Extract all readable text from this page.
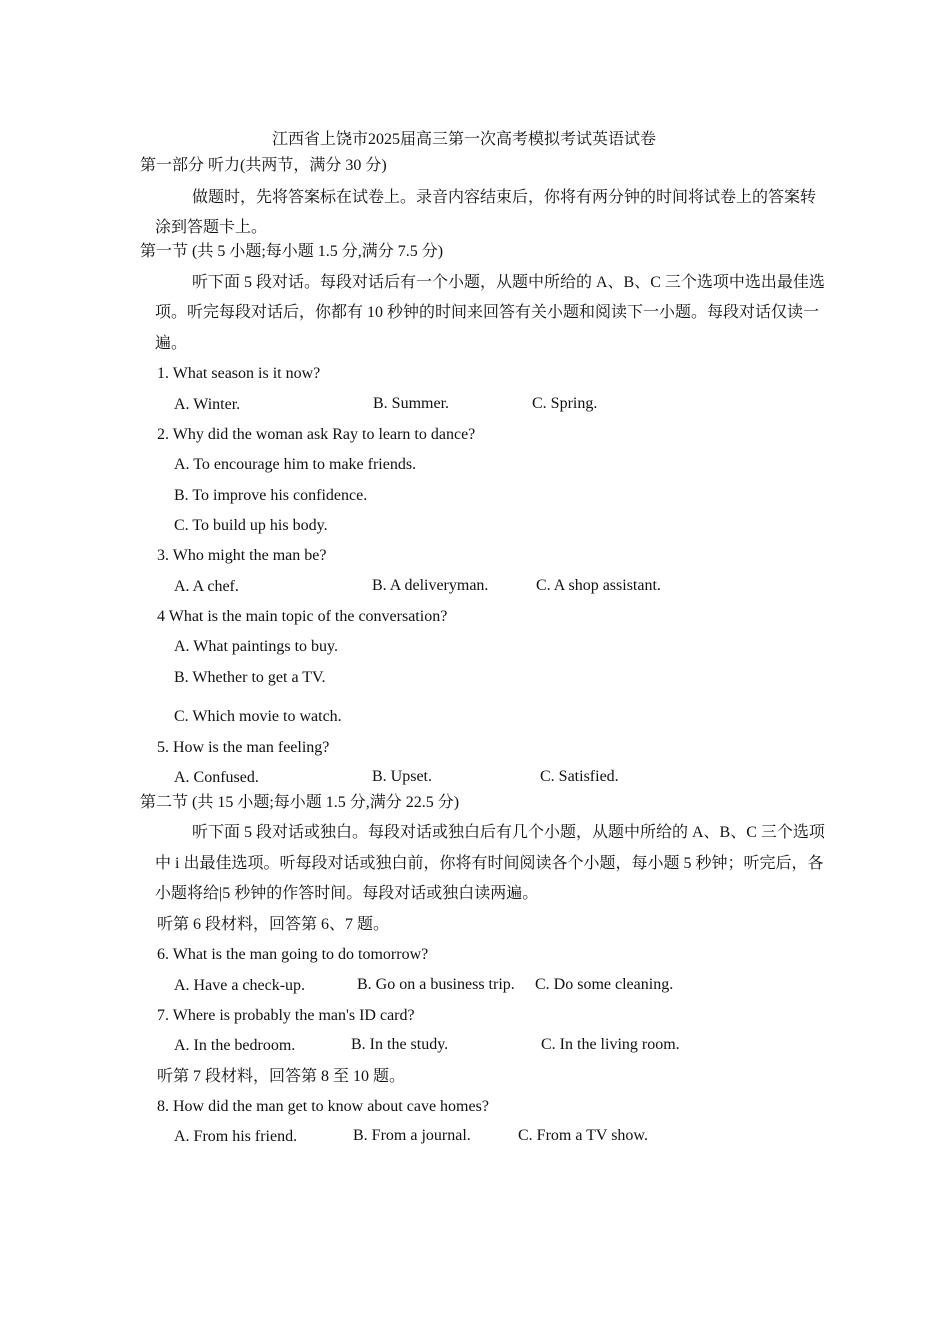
江西省上饶市2025届高三第一次高考模拟考试英语试卷
第一部分 听力(共两节，满分 30 分)
做题时，先将答案标在试卷上。录音内容结束后，你将有两分钟的时间将试卷上的答案转
涂到答题卡上。
第一节 (共 5 小题;每小题 1.5 分,满分 7.5 分)
听下面 5 段对话。每段对话后有一个小题，从题中所给的 A、B、C 三个选项中选出最佳选
项。听完每段对话后，你都有 10 秒钟的时间来回答有关小题和阅读下一小题。每段对话仅读一
遍。
1. What season is it now?
A. Winter.	B. Summer.	C. Spring.
2. Why did the woman ask Ray to learn to dance?
A. To encourage him to make friends.
B. To improve his confidence.
C. To build up his body.
3. Who might the man be?
A. A chef.	B. A deliveryman.	C. A shop assistant.
4 What is the main topic of the conversation?
A. What paintings to buy.
B. Whether to get a TV.
C. Which movie to watch.
5. How is the man feeling?
A. Confused.	B. Upset.	C. Satisfied.
第二节 (共 15 小题;每小题 1.5 分,满分 22.5 分)
听下面 5 段对话或独白。每段对话或独白后有几个小题，从题中所给的 A、B、C 三个选项
中 i 出最佳选项。听每段对话或独白前，你将有时间阅读各个小题，每小题 5 秒钟；听完后，各
小题将给|5 秒钟的作答时间。每段对话或独白读两遍。
听第 6 段材料，回答第 6、7 题。
6. What is the man going to do tomorrow?
A. Have a check-up.	B. Go on a business trip. C. Do some cleaning.
7. Where is probably the man's ID card?
A. In the bedroom.	B. In the study.	C. In the living room.
听第 7 段材料，回答第 8 至 10 题。
8. How did the man get to know about cave homes?
A. From his friend.	B. From a journal.	C. From a TV show.
